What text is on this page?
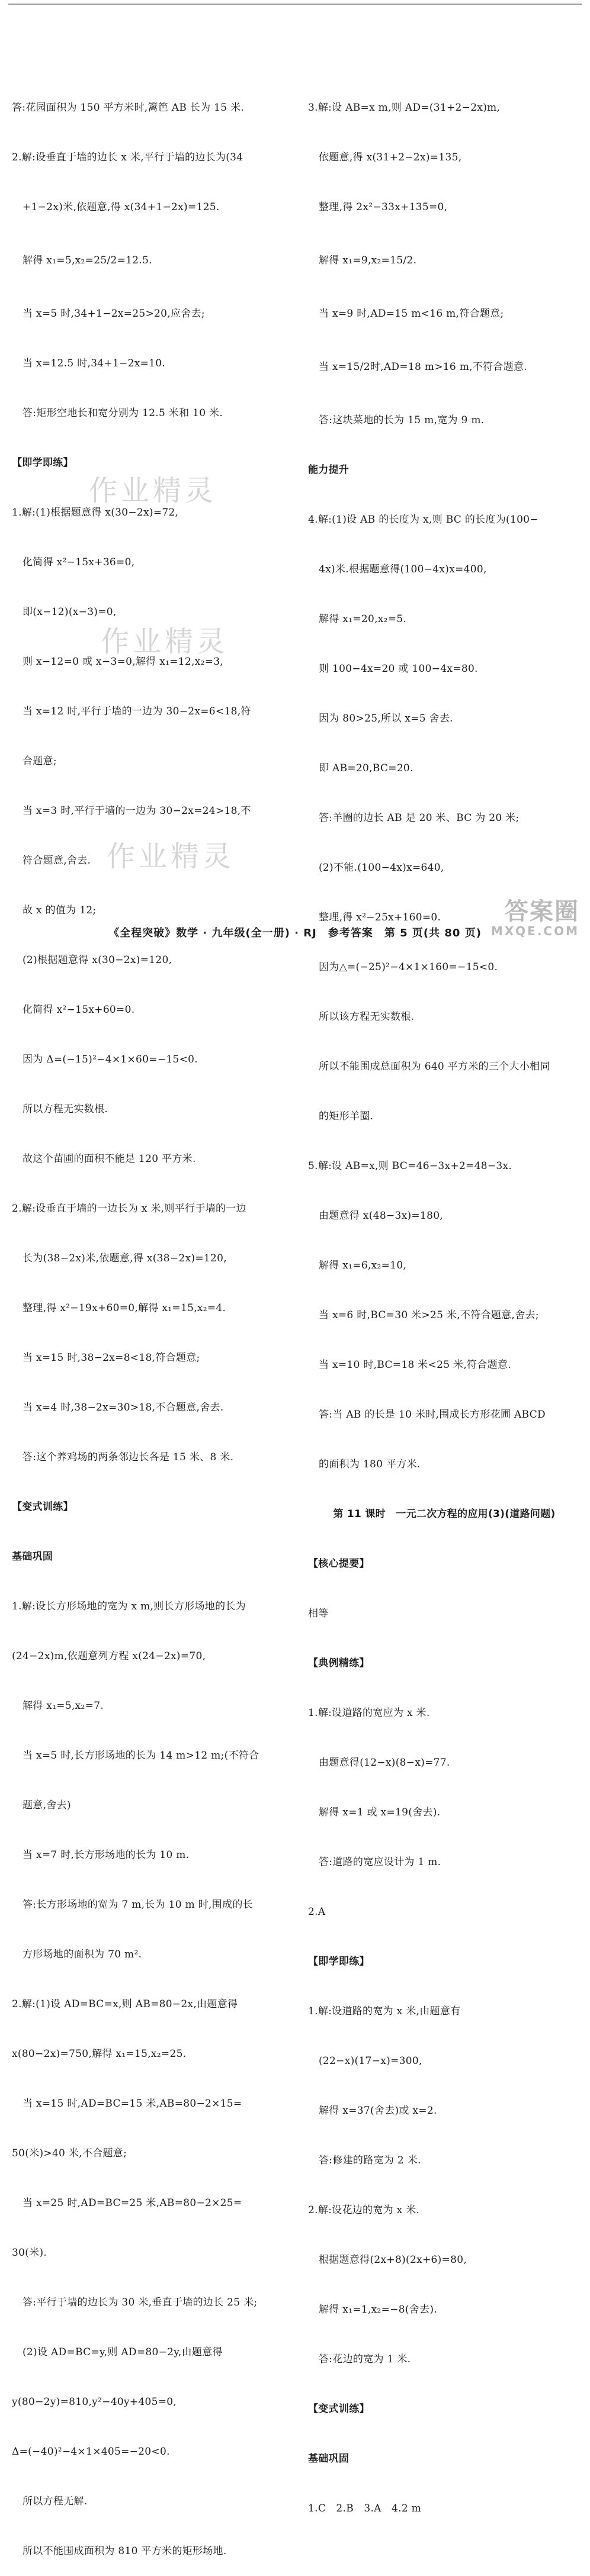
答:花园面积为 150 平方米时,篱笆 AB 长为 15 米.

2.解:设垂直于墙的边长 x 米,平行于墙的边长为(34

+1−2x)米,依题意,得 x(34+1−2x)=125.

解得 x₁=5,x₂=25/2=12.5.

当 x=5 时,34+1−2x=25>20,应舍去;

当 x=12.5 时,34+1−2x=10.

答:矩形空地长和宽分别为 12.5 米和 10 米.

【即学即练】

1.解:(1)根据题意得 x(30−2x)=72,

化简得 x²−15x+36=0,

即(x−12)(x−3)=0,

则 x−12=0 或 x−3=0,解得 x₁=12,x₂=3,

当 x=12 时,平行于墙的一边为 30−2x=6<18,符

合题意;

当 x=3 时,平行于墙的一边为 30−2x=24>18,不

符合题意,舍去.

故 x 的值为 12;

(2)根据题意得 x(30−2x)=120,

化简得 x²−15x+60=0.

因为 Δ=(−15)²−4×1×60=−15<0.

所以方程无实数根.

故这个苗圃的面积不能是 120 平方米.

2.解:设垂直于墙的一边长为 x 米,则平行于墙的一边

长为(38−2x)米,依题意,得 x(38−2x)=120,

整理,得 x²−19x+60=0,解得 x₁=15,x₂=4.

当 x=15 时,38−2x=8<18,符合题意;

当 x=4 时,38−2x=30>18,不合题意,舍去.

答:这个养鸡场的两条邻边长各是 15 米、8 米.

【变式训练】

基础巩固

1.解:设长方形场地的宽为 x m,则长方形场地的长为

(24−2x)m,依题意列方程 x(24−2x)=70,

解得 x₁=5,x₂=7.

当 x=5 时,长方形场地的长为 14 m>12 m;(不符合

题意,舍去)

当 x=7 时,长方形场地的长为 10 m.

答:长方形场地的宽为 7 m,长为 10 m 时,围成的长

方形场地的面积为 70 m².

2.解:(1)设 AD=BC=x,则 AB=80−2x,由题意得

x(80−2x)=750,解得 x₁=15,x₂=25.

当 x=15 时,AD=BC=15 米,AB=80−2×15=

50(米)>40 米,不合题意;

当 x=25 时,AD=BC=25 米,AB=80−2×25=

30(米).

答:平行于墙的边长为 30 米,垂直于墙的边长 25 米;

(2)设 AD=BC=y,则 AD=80−2y,由题意得

y(80−2y)=810,y²−40y+405=0,

Δ=(−40)²−4×1×405=−20<0.

所以方程无解.

所以不能围成面积为 810 平方米的矩形场地.

3.解:设 AB=x m,则 AD=(31+2−2x)m,

依题意,得 x(31+2−2x)=135,

整理,得 2x²−33x+135=0,

解得 x₁=9,x₂=15/2.

当 x=9 时,AD=15 m<16 m,符合题意;

当 x=15/2时,AD=18 m>16 m,不符合题意.

答:这块菜地的长为 15 m,宽为 9 m.

能力提升

4.解:(1)设 AB 的长度为 x,则 BC 的长度为(100−

4x)米.根据题意得(100−4x)x=400,

解得 x₁=20,x₂=5.

则 100−4x=20 或 100−4x=80.

因为 80>25,所以 x=5 舍去.

即 AB=20,BC=20.

答:羊圈的边长 AB 是 20 米、BC 为 20 米;

(2)不能.(100−4x)x=640,

整理,得 x²−25x+160=0.

因为△=(−25)²−4×1×160=−15<0.

所以该方程无实数根.

所以不能围成总面积为 640 平方米的三个大小相同

的矩形羊圈.

5.解:设 AB=x,则 BC=46−3x+2=48−3x.

由题意得 x(48−3x)=180,

解得 x₁=6,x₂=10,

当 x=6 时,BC=30 米>25 米,不符合题意,舍去;

当 x=10 时,BC=18 米<25 米,符合题意.

答:当 AB 的长是 10 米时,围成长方形花圃 ABCD

的面积为 180 平方米.

第 11 课时　一元二次方程的应用(3)(道路问题)

【核心提要】

相等

【典例精练】

1.解:设道路的宽应为 x 米.

由题意得(12−x)(8−x)=77.

解得 x=1 或 x=19(舍去).

答:道路的宽应设计为 1 m.

2.A

【即学即练】

1.解:设道路的宽为 x 米,由题意有

(22−x)(17−x)=300,

解得 x=37(舍去)或 x=2.

答:修建的路宽为 2 米.

2.解:设花边的宽为 x 米.

根据题意得(2x+8)(2x+6)=80,

解得 x₁=1,x₂=−8(舍去).

答:花边的宽为 1 米.

【变式训练】

基础巩固

1.C　2.B　3.A　4.2 m

作业精灵
作业精灵
作业精灵
《全程突破》数学 · 九年级(全一册) · RJ　参考答案　第 5 页(共 80 页)
答案圈
MXQE.COM
